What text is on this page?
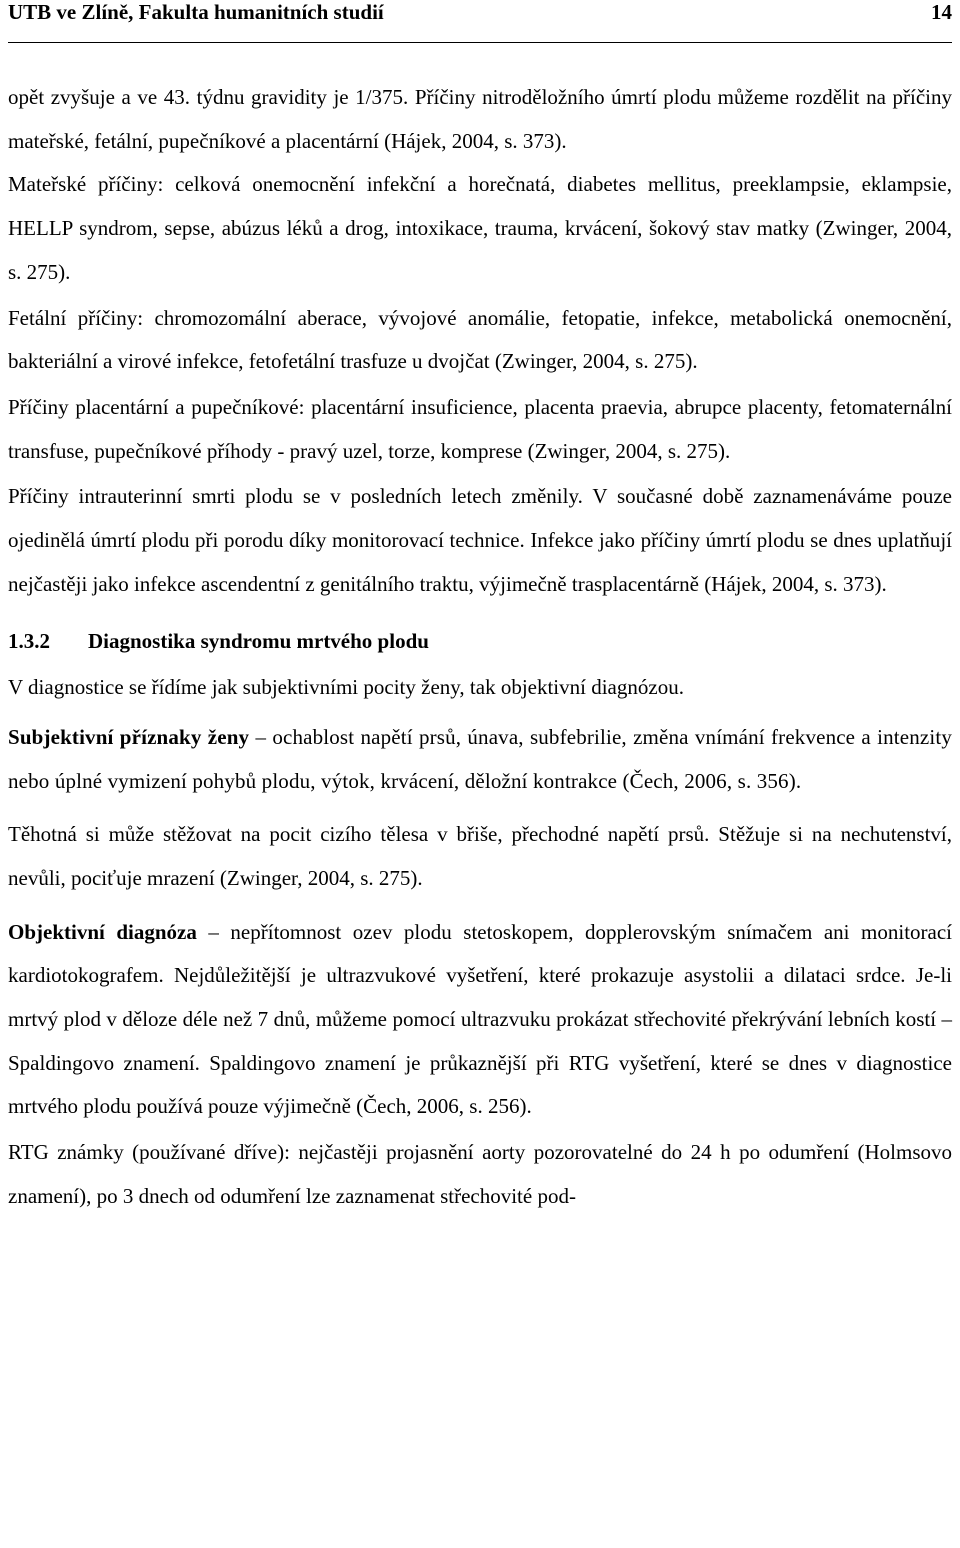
UTB ve Zlíně, Fakulta humanitních studií	14

opět zvyšuje a ve 43. týdnu gravidity je 1/375. Příčiny nitroděložního úmrtí plodu můžeme rozdělit na příčiny mateřské, fetální, pupečníkové a placentární (Hájek, 2004, s. 373).

Mateřské příčiny: celková onemocnění infekční a horečnatá, diabetes mellitus, preeklampsie, eklampsie, HELLP syndrom, sepse, abúzus léků a drog, intoxikace, trauma, krvácení, šokový stav matky (Zwinger, 2004, s. 275).

Fetální příčiny: chromozomální aberace, vývojové anomálie, fetopatie, infekce, metabolická onemocnění, bakteriální a virové infekce, fetofetální trasfuze u dvojčat (Zwinger, 2004, s. 275).

Příčiny placentární a pupečníkové: placentární insuficience, placenta praevia, abrupce placenty, fetomaternální transfuse, pupečníkové příhody - pravý uzel, torze, komprese (Zwinger, 2004, s. 275).

Příčiny intrauterinní smrti plodu se v posledních letech změnily. V současné době zaznamenáváme pouze ojedinělá úmrtí plodu při porodu díky monitorovací technice. Infekce jako příčiny úmrtí plodu se dnes uplatňují nejčastěji jako infekce ascendentní z genitálního traktu, výjimečně trasplacentárně (Hájek, 2004, s. 373).

1.3.2 Diagnostika syndromu mrtvého plodu

V diagnostice se řídíme jak subjektivními pocity ženy, tak objektivní diagnózou.

Subjektivní příznaky ženy – ochablost napětí prsů, únava, subfebrilie, změna vnímání frekvence a intenzity nebo úplné vymizení pohybů plodu, výtok, krvácení, děložní kontrakce (Čech, 2006, s. 356).

Těhotná si může stěžovat na pocit cizího tělesa v břiše, přechodné napětí prsů. Stěžuje si na nechutenství, nevůli, pociťuje mrazení (Zwinger, 2004, s. 275).

Objektivní diagnóza – nepřítomnost ozev plodu stetoskopem, dopplerovským snímačem ani monitorací kardiotokografem. Nejdůležitější je ultrazvukové vyšetření, které prokazuje asystolii a dilataci srdce. Je-li mrtvý plod v děloze déle než 7 dnů, můžeme pomocí ultrazvuku prokázat střechovité překrývání lebních kostí – Spaldingovo znamení. Spaldingovo znamení je průkaznější při RTG vyšetření, které se dnes v diagnostice mrtvého plodu používá pouze výjimečně (Čech, 2006, s. 256).

RTG známky (používané dříve): nejčastěji projasnění aorty pozorovatelné do 24 h po odumření (Holmsovo znamení), po 3 dnech od odumření lze zaznamenat střechovité pod-
